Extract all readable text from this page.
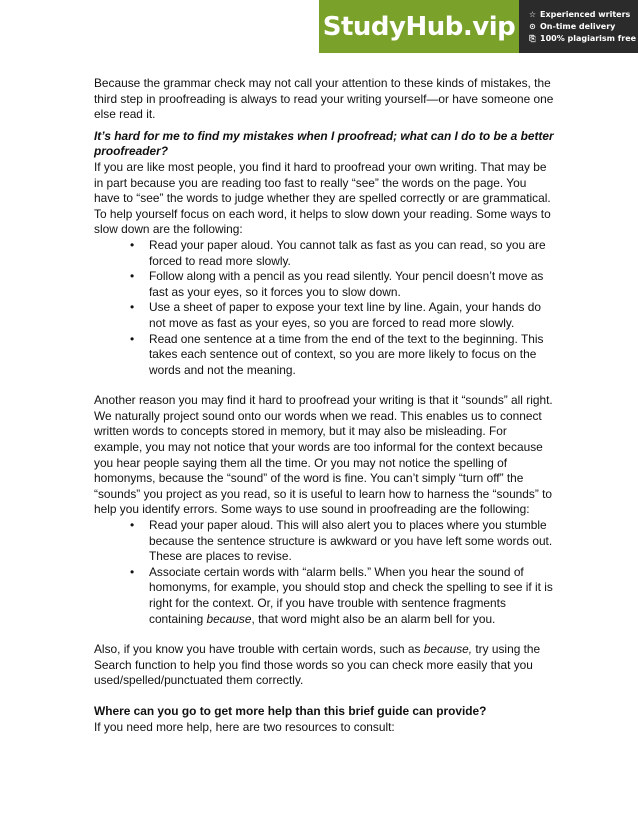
StudyHub.vip ☆ Experienced writers
⊙ On-time delivery
⎘ 100% plagiarism free

Because the grammar check may not call your attention to these kinds of mistakes, the third step in proofreading is always to read your writing yourself—or have someone one else read it.

It’s hard for me to find my mistakes when I proofread; what can I do to be a better proofreader?

If you are like most people, you find it hard to proofread your own writing. That may be in part because you are reading too fast to really “see” the words on the page. You have to “see” the words to judge whether they are spelled correctly or are grammatical. To help yourself focus on each word, it helps to slow down your reading. Some ways to slow down are the following:

• Read your paper aloud. You cannot talk as fast as you can read, so you are forced to read more slowly.
• Follow along with a pencil as you read silently. Your pencil doesn’t move as fast as your eyes, so it forces you to slow down.
• Use a sheet of paper to expose your text line by line. Again, your hands do not move as fast as your eyes, so you are forced to read more slowly.
• Read one sentence at a time from the end of the text to the beginning. This takes each sentence out of context, so you are more likely to focus on the words and not the meaning.

Another reason you may find it hard to proofread your writing is that it “sounds” all right. We naturally project sound onto our words when we read. This enables us to connect written words to concepts stored in memory, but it may also be misleading. For example, you may not notice that your words are too informal for the context because you hear people saying them all the time. Or you may not notice the spelling of homonyms, because the “sound” of the word is fine. You can’t simply “turn off” the “sounds” you project as you read, so it is useful to learn how to harness the “sounds” to help you identify errors. Some ways to use sound in proofreading are the following:

• Read your paper aloud. This will also alert you to places where you stumble because the sentence structure is awkward or you have left some words out. These are places to revise.
• Associate certain words with “alarm bells.” When you hear the sound of homonyms, for example, you should stop and check the spelling to see if it is right for the context. Or, if you have trouble with sentence fragments containing because, that word might also be an alarm bell for you.

Also, if you know you have trouble with certain words, such as because, try using the Search function to help you find those words so you can check more easily that you used/spelled/punctuated them correctly.

Where can you go to get more help than this brief guide can provide?

If you need more help, here are two resources to consult:
